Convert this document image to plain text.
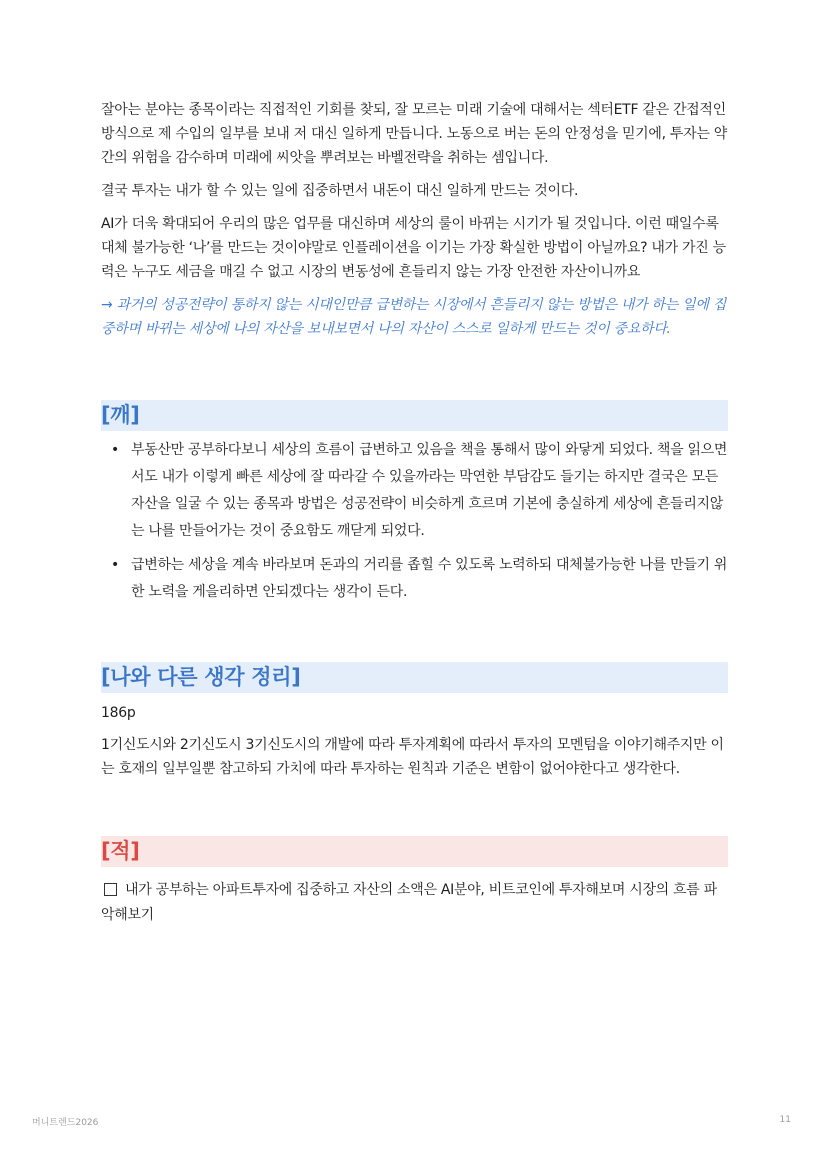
잘아는 분야는 종목이라는 직접적인 기회를 찾되, 잘 모르는 미래 기술에 대해서는 섹터ETF 같은 간접적인 방식으로 제 수입의 일부를 보내 저 대신 일하게 만듭니다. 노동으로 버는 돈의 안정성을 믿기에, 투자는 약간의 위험을 감수하며 미래에 씨앗을 뿌려보는 바벨전략을 취하는 셈입니다.

결국 투자는 내가 할 수 있는 일에 집중하면서 내돈이 대신 일하게 만드는 것이다.

AI가 더욱 확대되어 우리의 많은 업무를 대신하며 세상의 룰이 바뀌는 시기가 될 것입니다. 이런 때일수록 대체 불가능한 ‘나’를 만드는 것이야말로 인플레이션을 이기는 가장 확실한 방법이 아닐까요? 내가 가진 능력은 누구도 세금을 매길 수 없고 시장의 변동성에 흔들리지 않는 가장 안전한 자산이니까요

→ 과거의 성공전략이 통하지 않는 시대인만큼 급변하는 시장에서 흔들리지 않는 방법은 내가 하는 일에 집중하며 바뀌는 세상에 나의 자산을 보내보면서 나의 자산이 스스로 일하게 만드는 것이 중요하다.

[깨]
• 부동산만 공부하다보니 세상의 흐름이 급변하고 있음을 책을 통해서 많이 와닿게 되었다. 책을 읽으면서도 내가 이렇게 빠른 세상에 잘 따라갈 수 있을까라는 막연한 부담감도 들기는 하지만 결국은 모든 자산을 일굴 수 있는 종목과 방법은 성공전략이 비슷하게 흐르며 기본에 충실하게 세상에 흔들리지않는 나를 만들어가는 것이 중요함도 깨닫게 되었다.
• 급변하는 세상을 계속 바라보며 돈과의 거리를 좁힐 수 있도록 노력하되 대체불가능한 나를 만들기 위한 노력을 게을리하면 안되겠다는 생각이 든다.
[나와 다른 생각 정리]

186p

1기신도시와 2기신도시 3기신도시의 개발에 따라 투자계획에 따라서 투자의 모멘텀을 이야기해주지만 이는 호재의 일부일뿐 참고하되 가치에 따라 투자하는 원칙과 기준은 변함이 없어야한다고 생각한다.

[적]
내가 공부하는 아파트투자에 집중하고 자산의 소액은 AI분야, 비트코인에 투자해보며 시장의 흐름 파악해보기
머니트렌드2026	11
